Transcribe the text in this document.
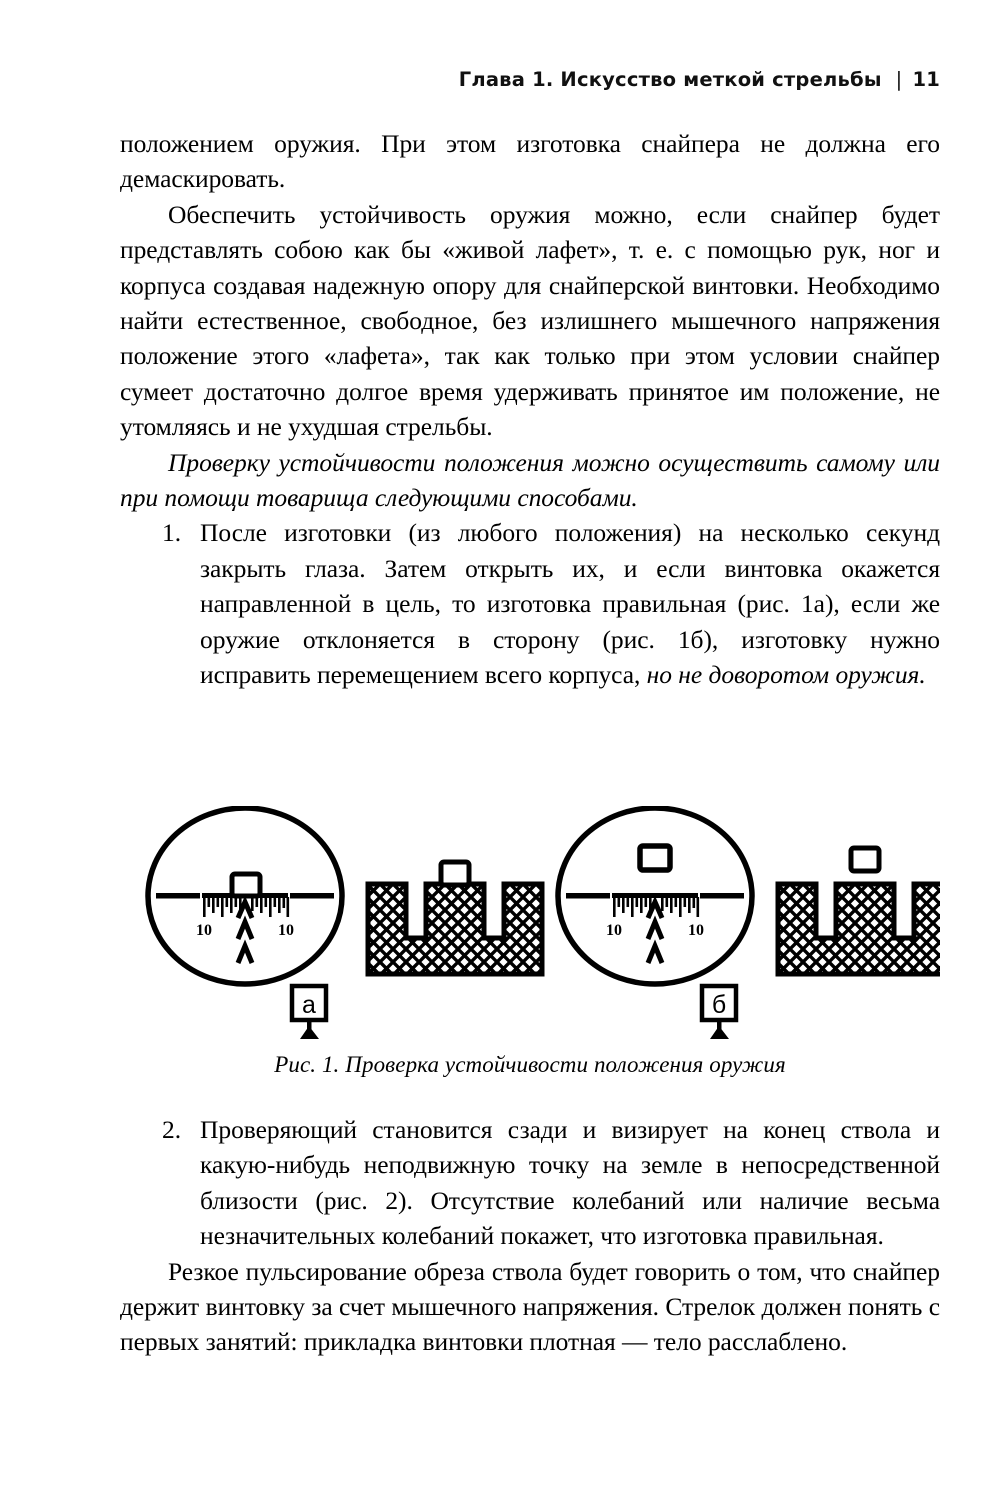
Глава 1. Искусство меткой стрельбы | 11

положением оружия. При этом изготовка снайпера не должна его демаскировать.

Обеспечить устойчивость оружия можно, если снайпер будет представлять собою как бы «живой лафет», т. е. с помощью рук, ног и корпуса создавая надежную опору для снайперской винтовки. Необходимо найти естественное, свободное, без излишнего мышечного напряжения положение этого «лафета», так как только при этом условии снайпер сумеет достаточно долгое время удерживать принятое им положение, не утомляясь и не ухудшая стрельбы.

Проверку устойчивости положения можно осуществить самому или при помощи товарища следующими способами.

1. После изготовки (из любого положения) на несколько секунд закрыть глаза. Затем открыть их, и если винтовка окажется направленной в цель, то изготовка правильная (рис. 1а), если же оружие отклоняется в сторону (рис. 1б), изготовку нужно исправить перемещением всего корпуса, но не доворотом оружия.
10	10
а
10	10
б
Рис. 1. Проверка устойчивости положения оружия
2. Проверяющий становится сзади и визирует на конец ствола и какую-нибудь неподвижную точку на земле в непосредственной близости (рис. 2). Отсутствие колебаний или наличие весьма незначительных колебаний покажет, что изготовка правильная.

Резкое пульсирование обреза ствола будет говорить о том, что снайпер держит винтовку за счет мышечного напряжения. Стрелок должен понять с первых занятий: прикладка винтовки плотная — тело расслаблено.
